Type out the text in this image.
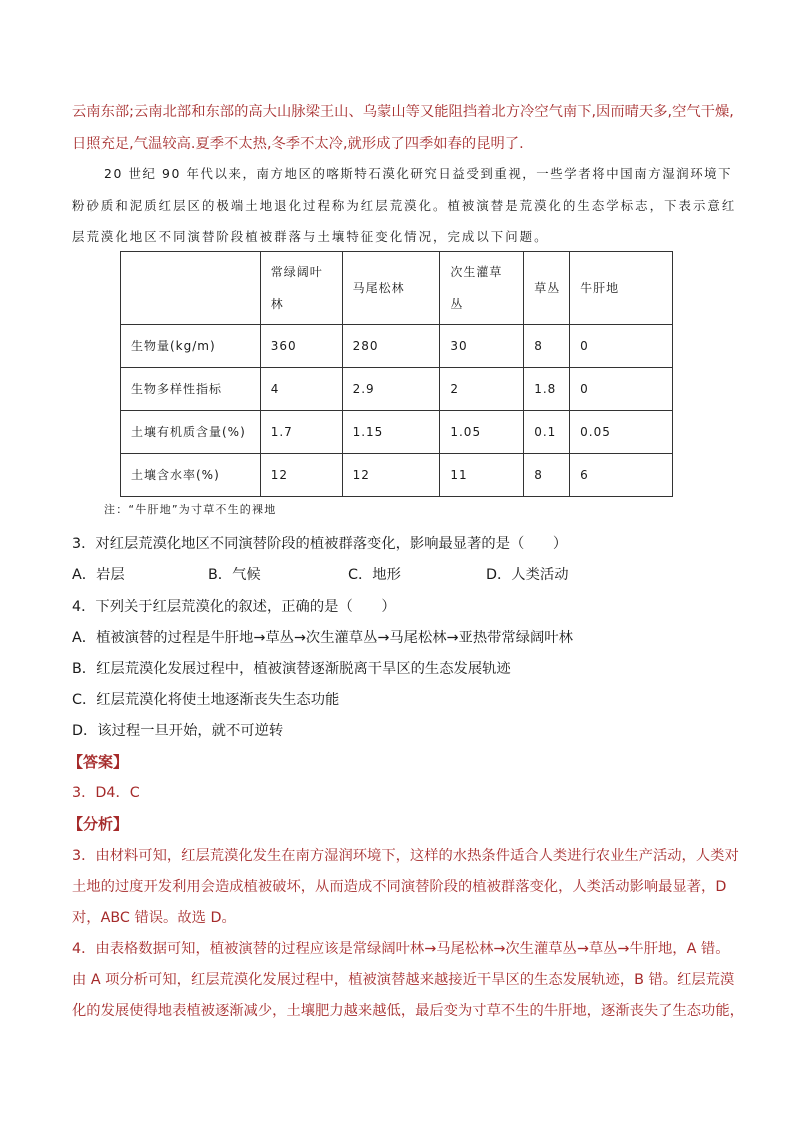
云南东部;云南北部和东部的高大山脉梁王山、乌蒙山等又能阻挡着北方冷空气南下,因而晴天多,空气干燥,
日照充足,气温较高.夏季不太热,冬季不太冷,就形成了四季如春的昆明了.
20 世纪 90 年代以来，南方地区的喀斯特石漠化研究日益受到重视，一些学者将中国南方湿润环境下
粉砂质和泥质红层区的极端土地退化过程称为红层荒漠化。植被演替是荒漠化的生态学标志，下表示意红
层荒漠化地区不同演替阶段植被群落与土壤特征变化情况，完成以下问题。
	常绿阔叶林	马尾松林	次生灌草丛	草丛	牛肝地
生物量(kg/m)	360	280	30	8	0
生物多样性指标	4	2.9	2	1.8	0
土壤有机质含量(%)	1.7	1.15	1.05	0.1	0.05
土壤含水率(%)	12	12	11	8	6
注：“牛肝地”为寸草不生的裸地
3．对红层荒漠化地区不同演替阶段的植被群落变化，影响最显著的是（　　）
A．岩层	B．气候	C．地形	D．人类活动
4．下列关于红层荒漠化的叙述，正确的是（　　）
A．植被演替的过程是牛肝地→草丛→次生灌草丛→马尾松林→亚热带常绿阔叶林
B．红层荒漠化发展过程中，植被演替逐渐脱离干旱区的生态发展轨迹
C．红层荒漠化将使土地逐渐丧失生态功能
D．该过程一旦开始，就不可逆转
【答案】
3．D4．C
【分析】
3．由材料可知，红层荒漠化发生在南方湿润环境下，这样的水热条件适合人类进行农业生产活动，人类对
土地的过度开发利用会造成植被破坏，从而造成不同演替阶段的植被群落变化，人类活动影响最显著，D
对，ABC 错误。故选 D。
4．由表格数据可知，植被演替的过程应该是常绿阔叶林→马尾松林→次生灌草丛→草丛→牛肝地，A 错。
由 A 项分析可知，红层荒漠化发展过程中，植被演替越来越接近干旱区的生态发展轨迹，B 错。红层荒漠
化的发展使得地表植被逐渐减少，土壤肥力越来越低，最后变为寸草不生的牛肝地，逐渐丧失了生态功能，
